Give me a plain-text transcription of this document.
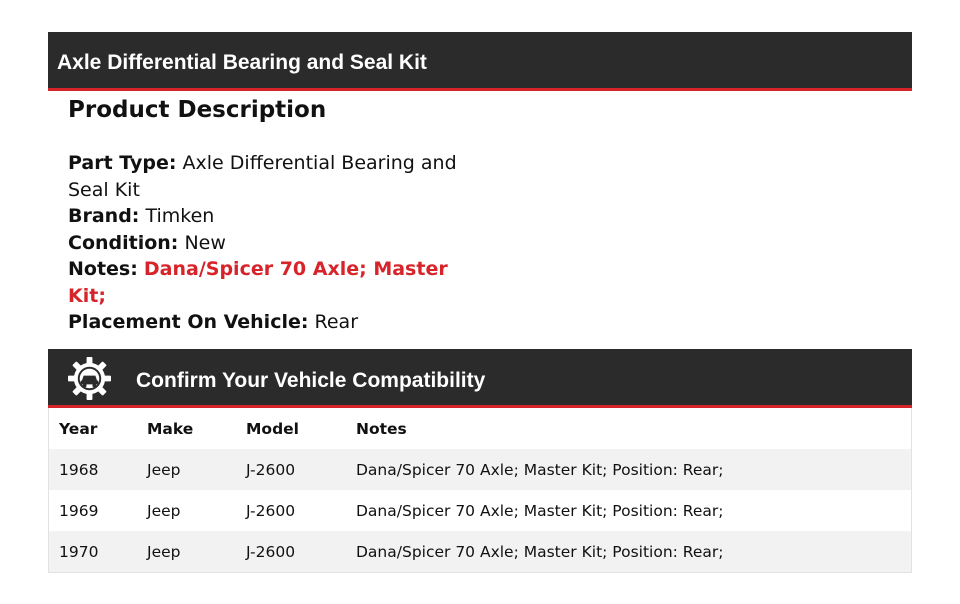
Axle Differential Bearing and Seal Kit
Product Description

Part Type: Axle Differential Bearing and Seal Kit

Brand: Timken

Condition: New

Notes: Dana/Spicer 70 Axle; Master Kit;

Placement On Vehicle: Rear

Confirm Your Vehicle Compatibility
Year	Make	Model	Notes
1968	Jeep	J-2600	Dana/Spicer 70 Axle; Master Kit; Position: Rear;
1969	Jeep	J-2600	Dana/Spicer 70 Axle; Master Kit; Position: Rear;
1970	Jeep	J-2600	Dana/Spicer 70 Axle; Master Kit; Position: Rear;
